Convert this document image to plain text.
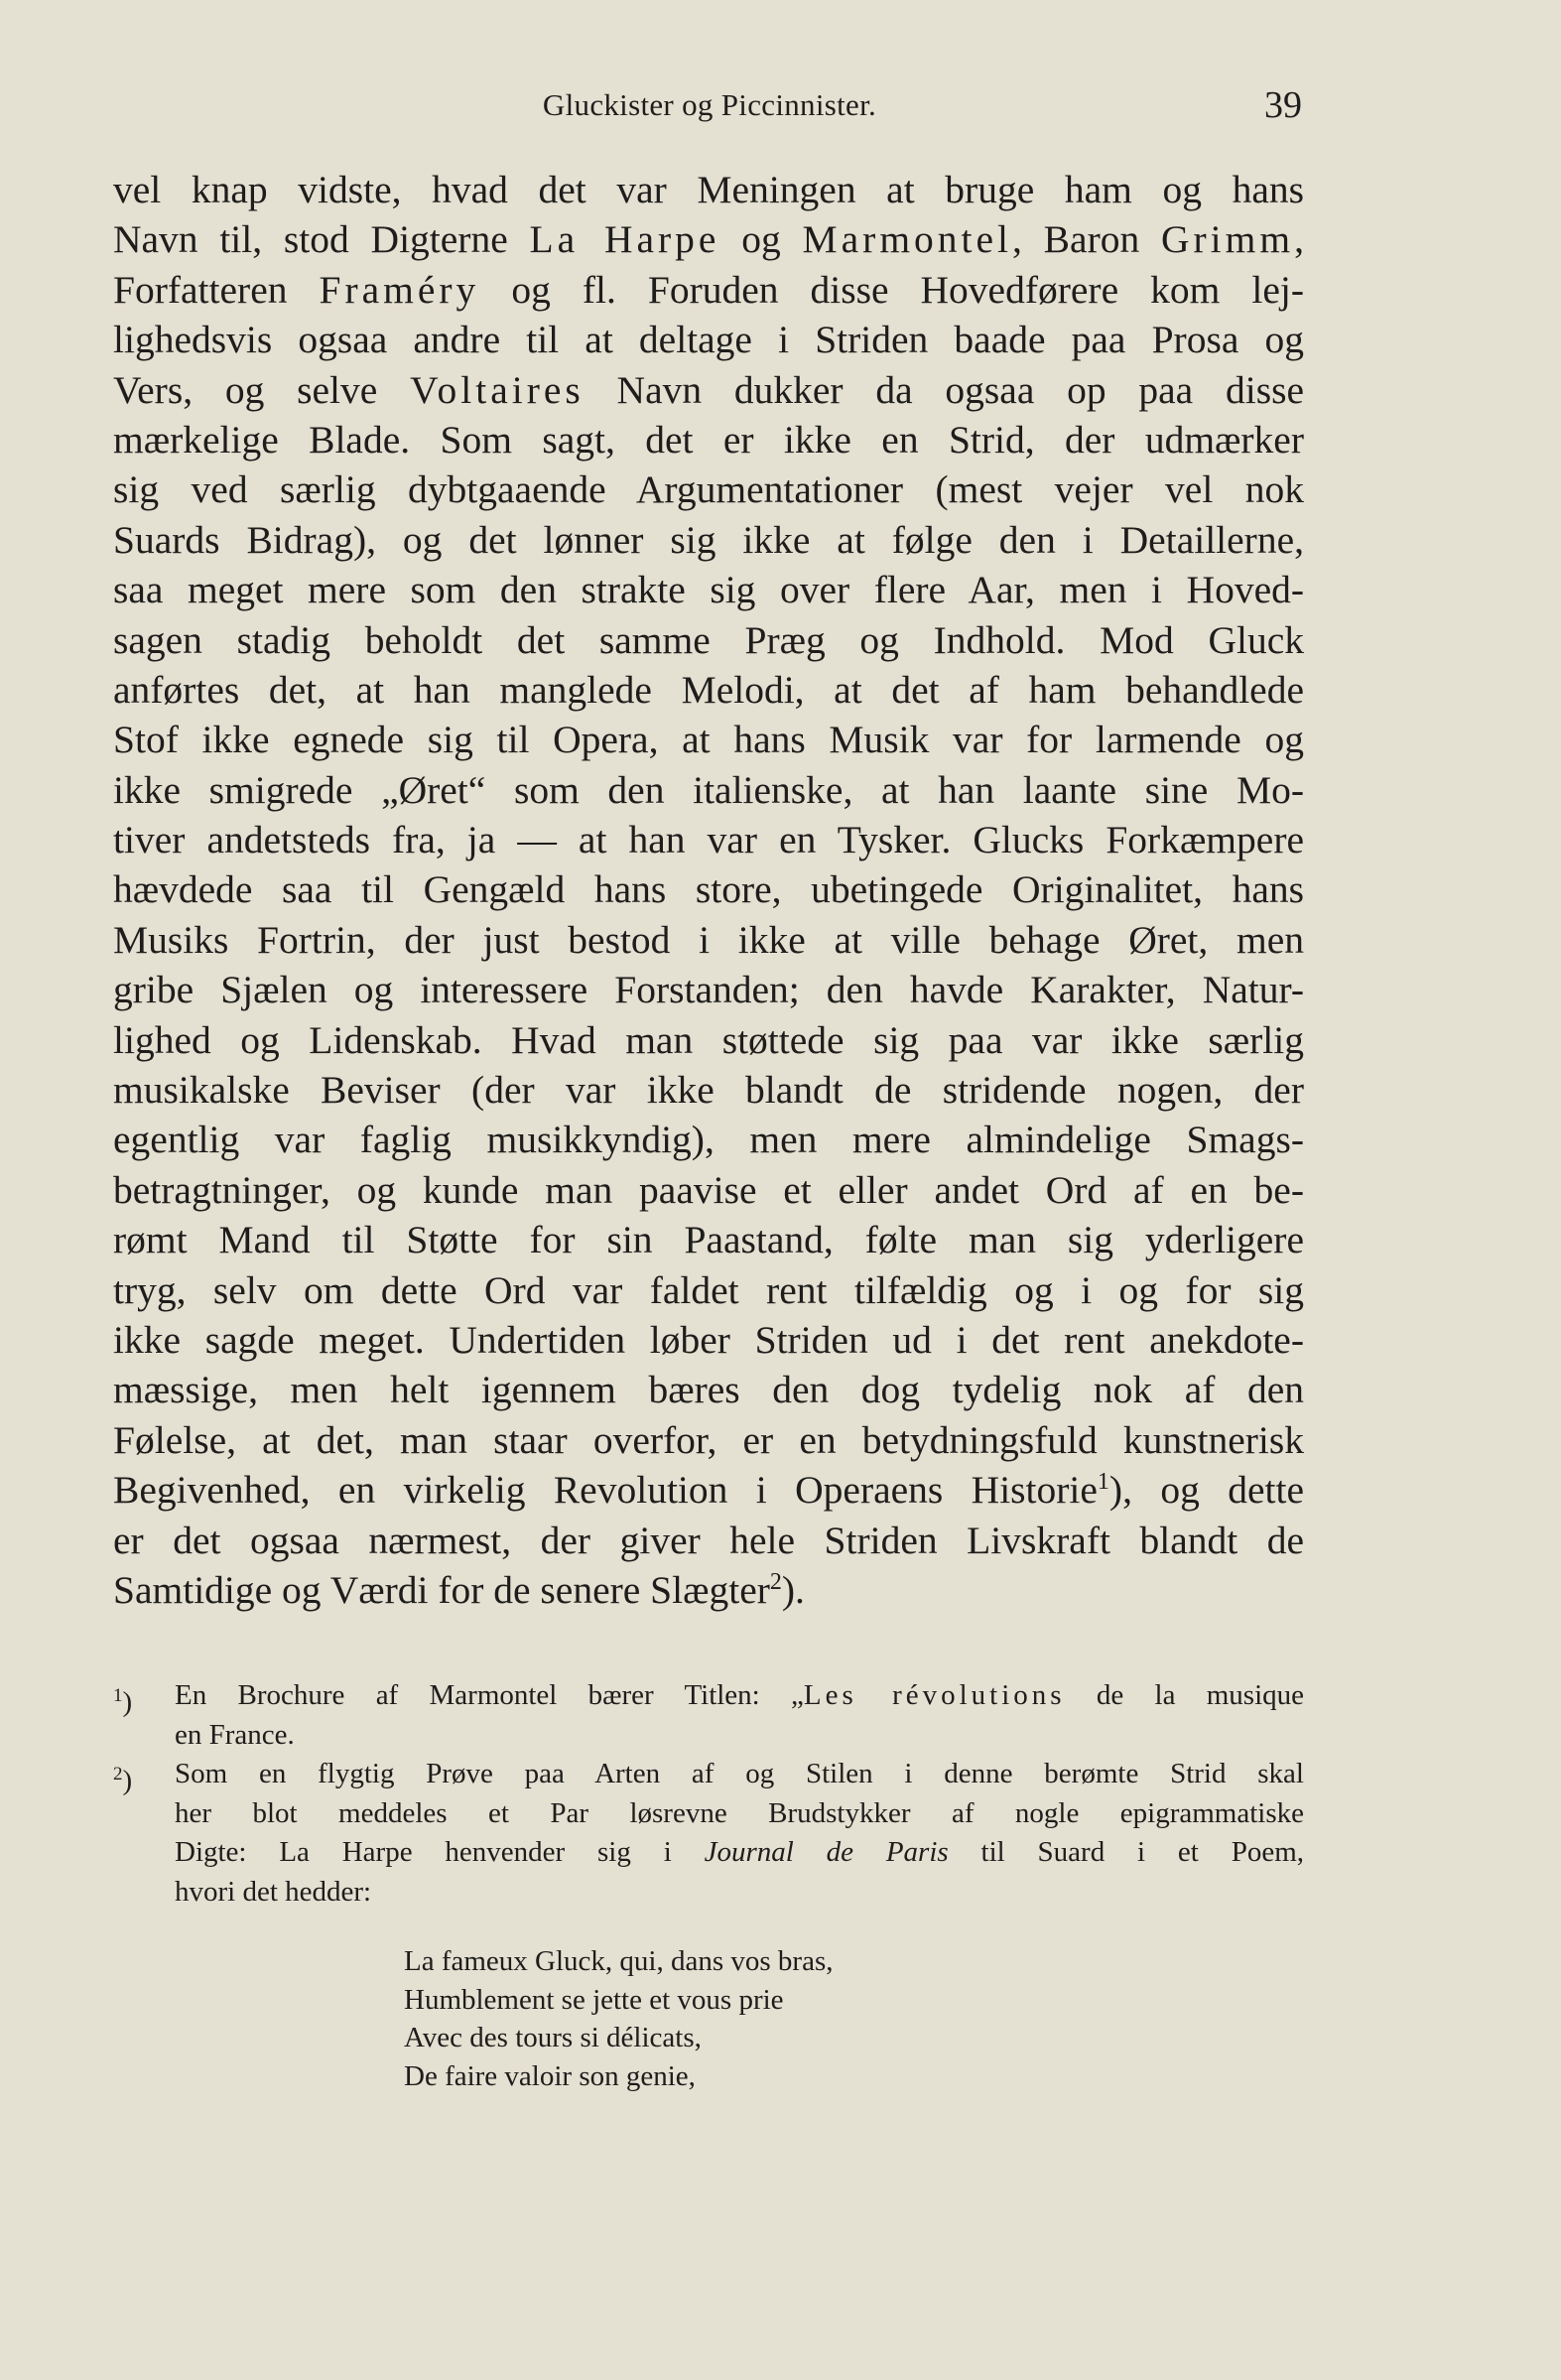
Gluckister og Piccinnister.	39
vel knap vidste, hvad det var Meningen at bruge ham og hans
Navn til, stod Digterne La Harpe og Marmontel, Baron Grimm,
Forfatteren Framéry og fl. Foruden disse Hovedførere kom lej-
lighedsvis ogsaa andre til at deltage i Striden baade paa Prosa og
Vers, og selve Voltaires Navn dukker da ogsaa op paa disse
mærkelige Blade. Som sagt, det er ikke en Strid, der udmærker
sig ved særlig dybtgaaende Argumentationer (mest vejer vel nok
Suards Bidrag), og det lønner sig ikke at følge den i Detaillerne,
saa meget mere som den strakte sig over flere Aar, men i Hoved-
sagen stadig beholdt det samme Præg og Indhold. Mod Gluck
anførtes det, at han manglede Melodi, at det af ham behandlede
Stof ikke egnede sig til Opera, at hans Musik var for larmende og
ikke smigrede „Øret“ som den italienske, at han laante sine Mo-
tiver andetsteds fra, ja — at han var en Tysker. Glucks Forkæmpere
hævdede saa til Gengæld hans store, ubetingede Originalitet, hans
Musiks Fortrin, der just bestod i ikke at ville behage Øret, men
gribe Sjælen og interessere Forstanden; den havde Karakter, Natur-
lighed og Lidenskab. Hvad man støttede sig paa var ikke særlig
musikalske Beviser (der var ikke blandt de stridende nogen, der
egentlig var faglig musikkyndig), men mere almindelige Smags-
betragtninger, og kunde man paavise et eller andet Ord af en be-
rømt Mand til Støtte for sin Paastand, følte man sig yderligere
tryg, selv om dette Ord var faldet rent tilfældig og i og for sig
ikke sagde meget. Undertiden løber Striden ud i det rent anekdote-
mæssige, men helt igennem bæres den dog tydelig nok af den
Følelse, at det, man staar overfor, er en betydningsfuld kunstnerisk
Begivenhed, en virkelig Revolution i Operaens Historie$^1$), og dette
er det ogsaa nærmest, der giver hele Striden Livskraft blandt de
Samtidige og Værdi for de senere Slægter$^2$).
$^1$)	En Brochure af Marmontel bærer Titlen: „Les révolutions de la musique
en France.
$^2$)	Som en flygtig Prøve paa Arten af og Stilen i denne berømte Strid skal
her blot meddeles et Par løsrevne Brudstykker af nogle epigrammatiske
Digte: La Harpe henvender sig i Journal de Paris til Suard i et Poem,
hvori det hedder:
La fameux Gluck, qui, dans vos bras,
Humblement se jette et vous prie
Avec des tours si délicats,
De faire valoir son genie,
